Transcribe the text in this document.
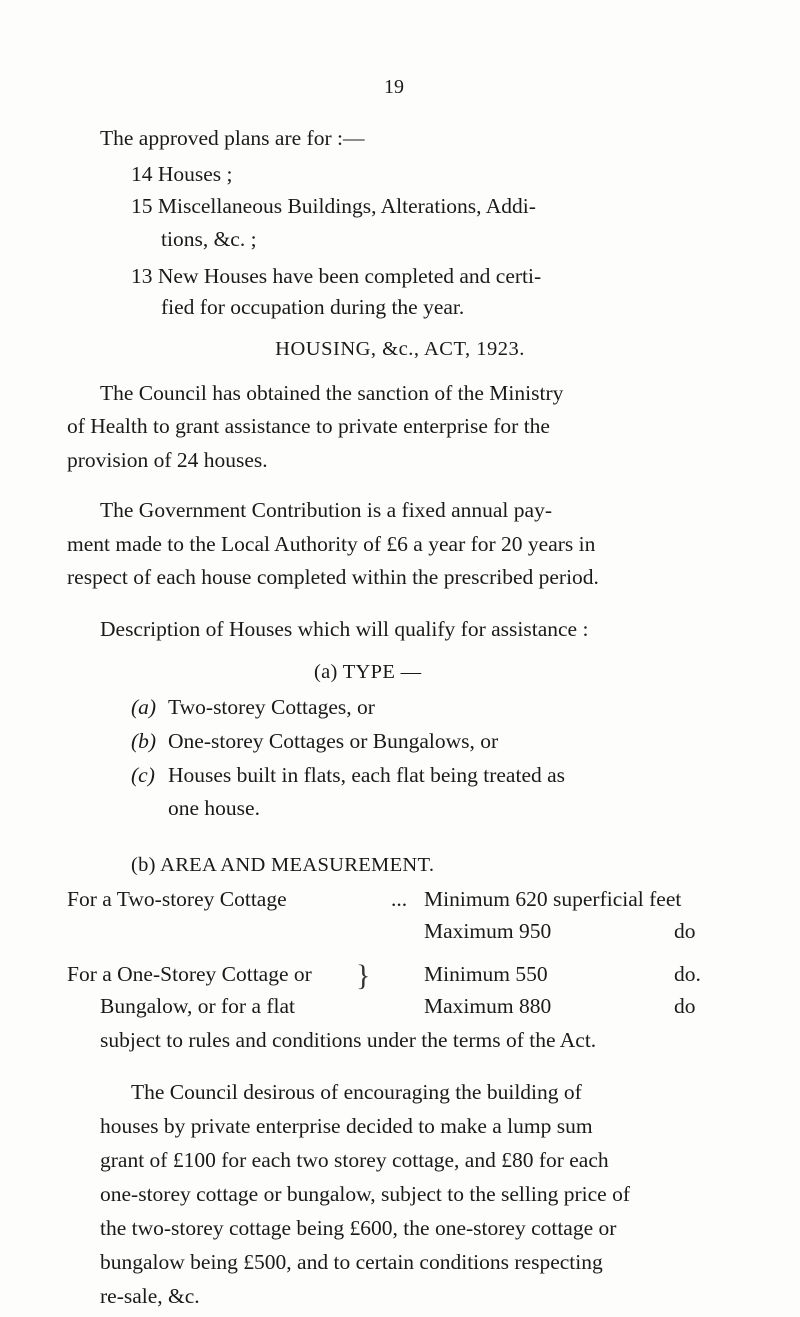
19
The approved plans are for :—
14 Houses ;
15 Miscellaneous Buildings, Alterations, Addi-
tions, &c. ;
13 New Houses have been completed and certi-
fied for occupation during the year.
HOUSING, &c., ACT, 1923.
The Council has obtained the sanction of the Ministry
of Health to grant assistance to private enterprise for the
provision of 24 houses.
The Government Contribution is a fixed annual pay-
ment made to the Local Authority of £6 a year for 20 years in
respect of each house completed within the prescribed period.
Description of Houses which will qualify for assistance :
(a) TYPE —
(a) Two-storey Cottages, or
(b) One-storey Cottages or Bungalows, or
(c) Houses built in flats, each flat being treated as
one house.
(b) AREA AND MEASUREMENT.
For a Two-storey Cottage	... Minimum 620 superficial feet
Maximum 950	do
For a One-Storey Cottage or }
Bungalow, or for a flat
Minimum 550	do.
Maximum 880	do
subject to rules and conditions under the terms of the Act.
The Council desirous of encouraging the building of
houses by private enterprise decided to make a lump sum
grant of £100 for each two storey cottage, and £80 for each
one-storey cottage or bungalow, subject to the selling price of
the two-storey cottage being £600, the one-storey cottage or
bungalow being £500, and to certain conditions respecting
re-sale, &c.
